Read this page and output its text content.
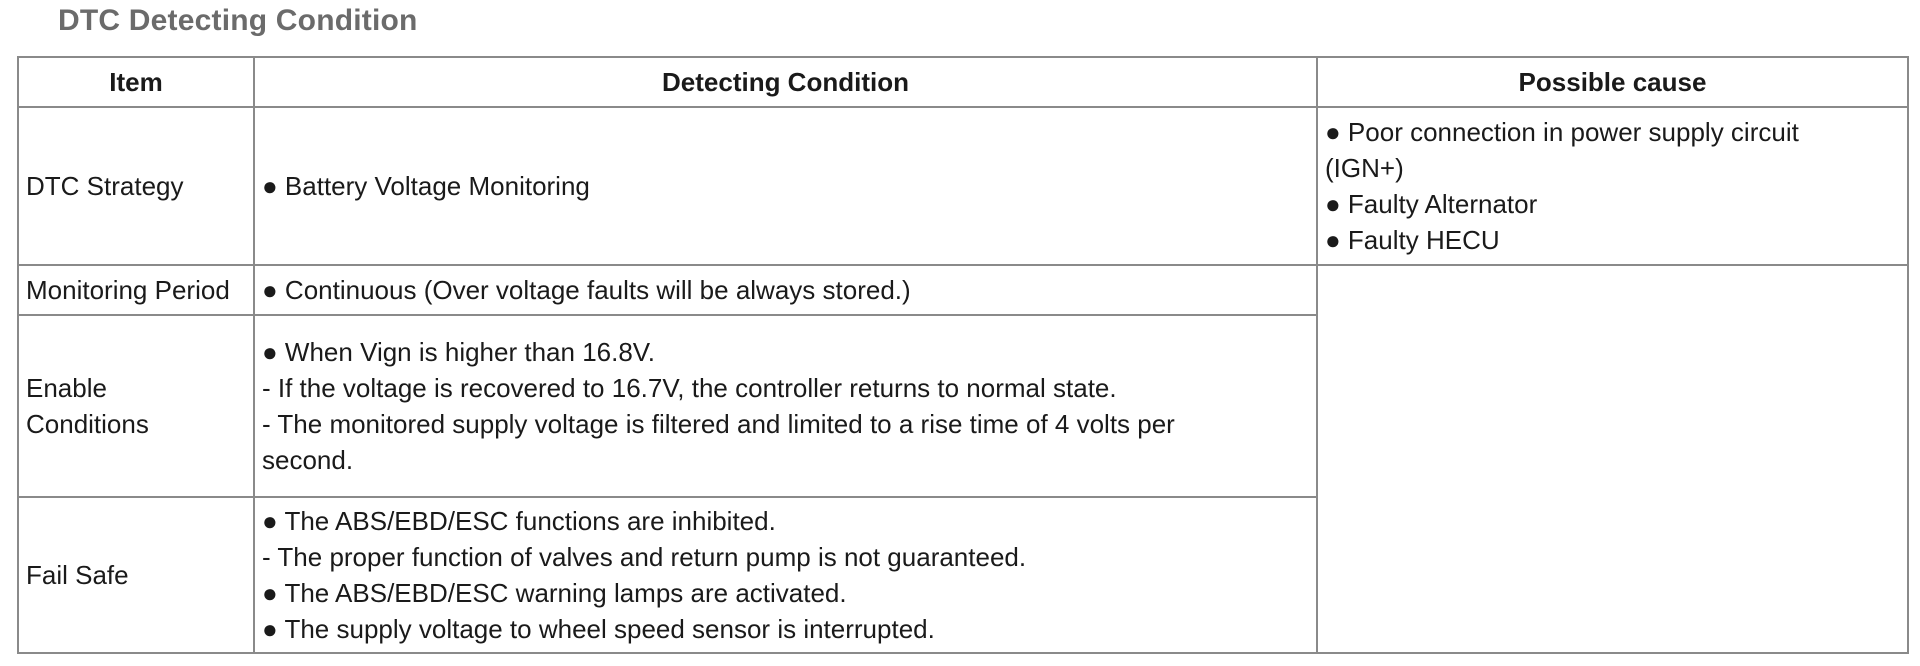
DTC Detecting Condition
Item	Detecting Condition	Possible cause
DTC Strategy	● Battery Voltage Monitoring	● Poor connection in power supply circuit
(IGN+)
● Faulty Alternator
● Faulty HECU

Monitoring Period	● Continuous (Over voltage faults will be always stored.)	

Enable
Conditions	● When Vign is higher than 16.8V.
- If the voltage is recovered to 16.7V, the controller returns to normal state.
- The monitored supply voltage is filtered and limited to a rise time of 4 volts per
second.	

Fail Safe	● The ABS/EBD/ESC functions are inhibited.
- The proper function of valves and return pump is not guaranteed.
● The ABS/EBD/ESC warning lamps are activated.
● The supply voltage to wheel speed sensor is interrupted.	
